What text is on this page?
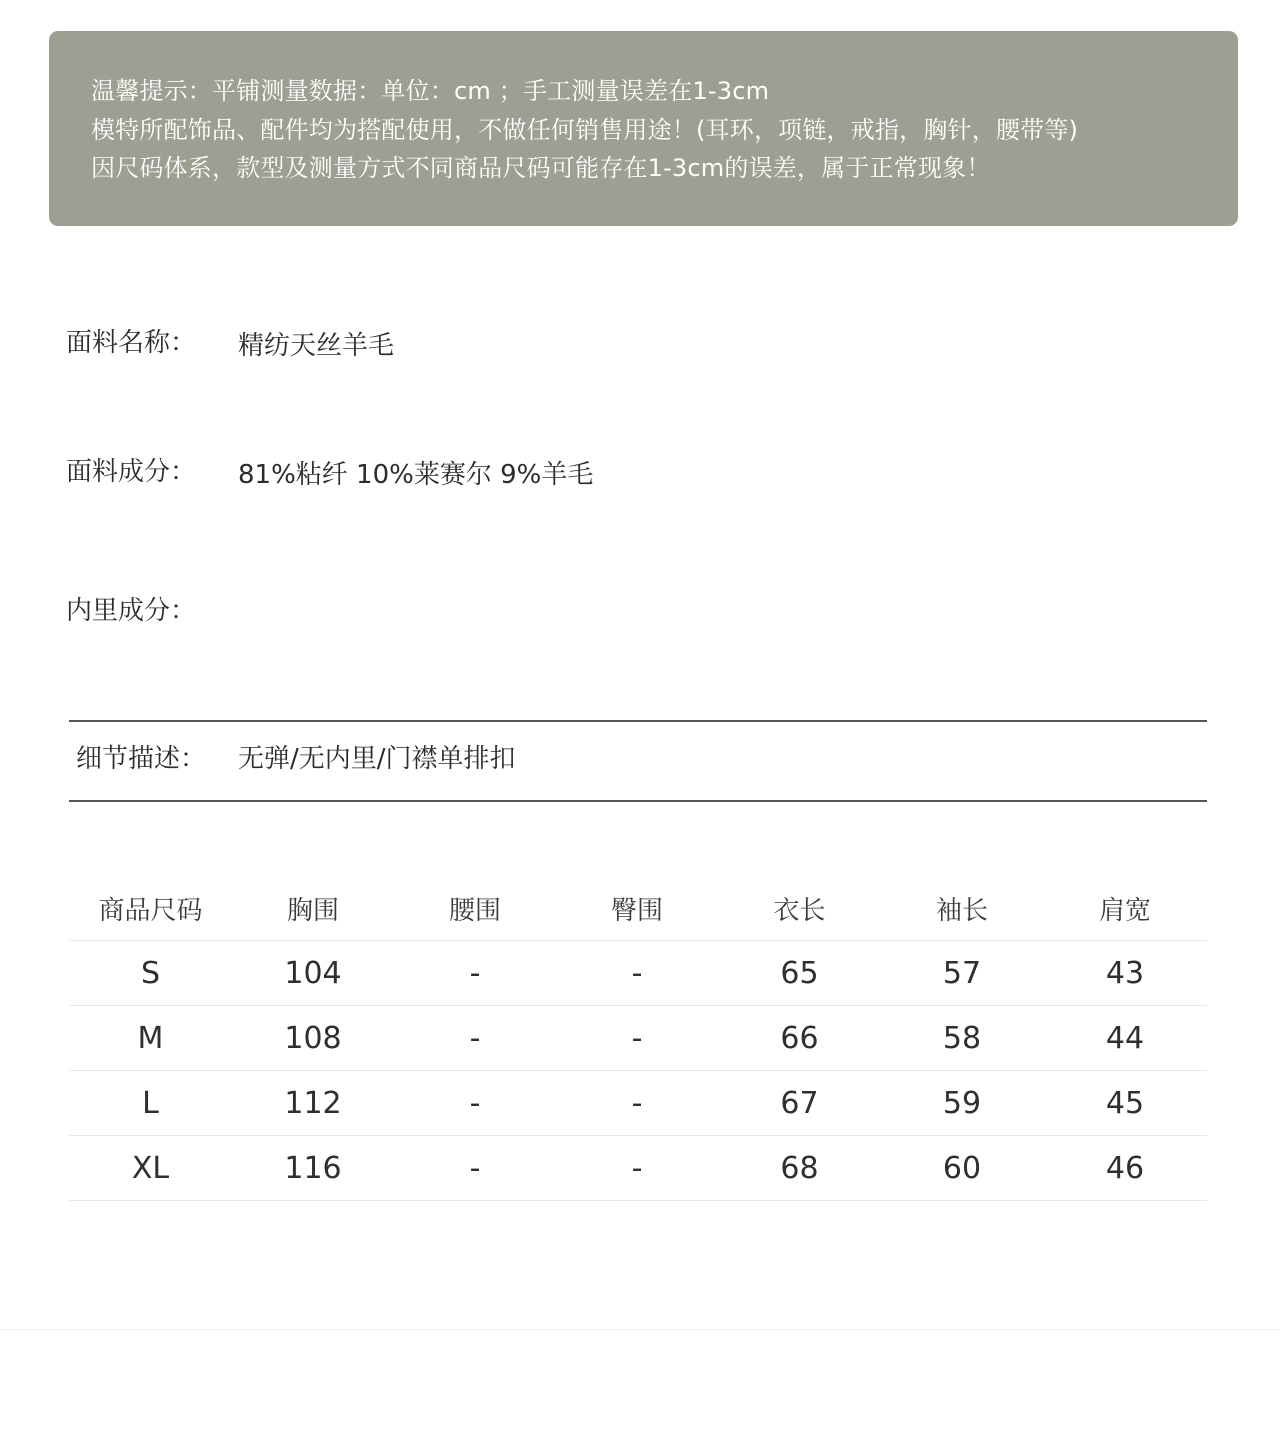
温馨提示：平铺测量数据：单位：cm ；手工测量误差在1-3cm
模特所配饰品、配件均为搭配使用，不做任何销售用途！(耳环，项链，戒指，胸针，腰带等)
因尺码体系，款型及测量方式不同商品尺码可能存在1-3cm的误差，属于正常现象！
面料名称： 精纺天丝羊毛
面料成分： 81%粘纤 10%莱赛尔 9%羊毛
内里成分：
细节描述： 无弹/无内里/门襟单排扣
商品尺码	胸围	腰围	臀围	衣长	袖长	肩宽
S	104	-	-	65	57	43
M	108	-	-	66	58	44
L	112	-	-	67	59	45
XL	116	-	-	68	60	46
